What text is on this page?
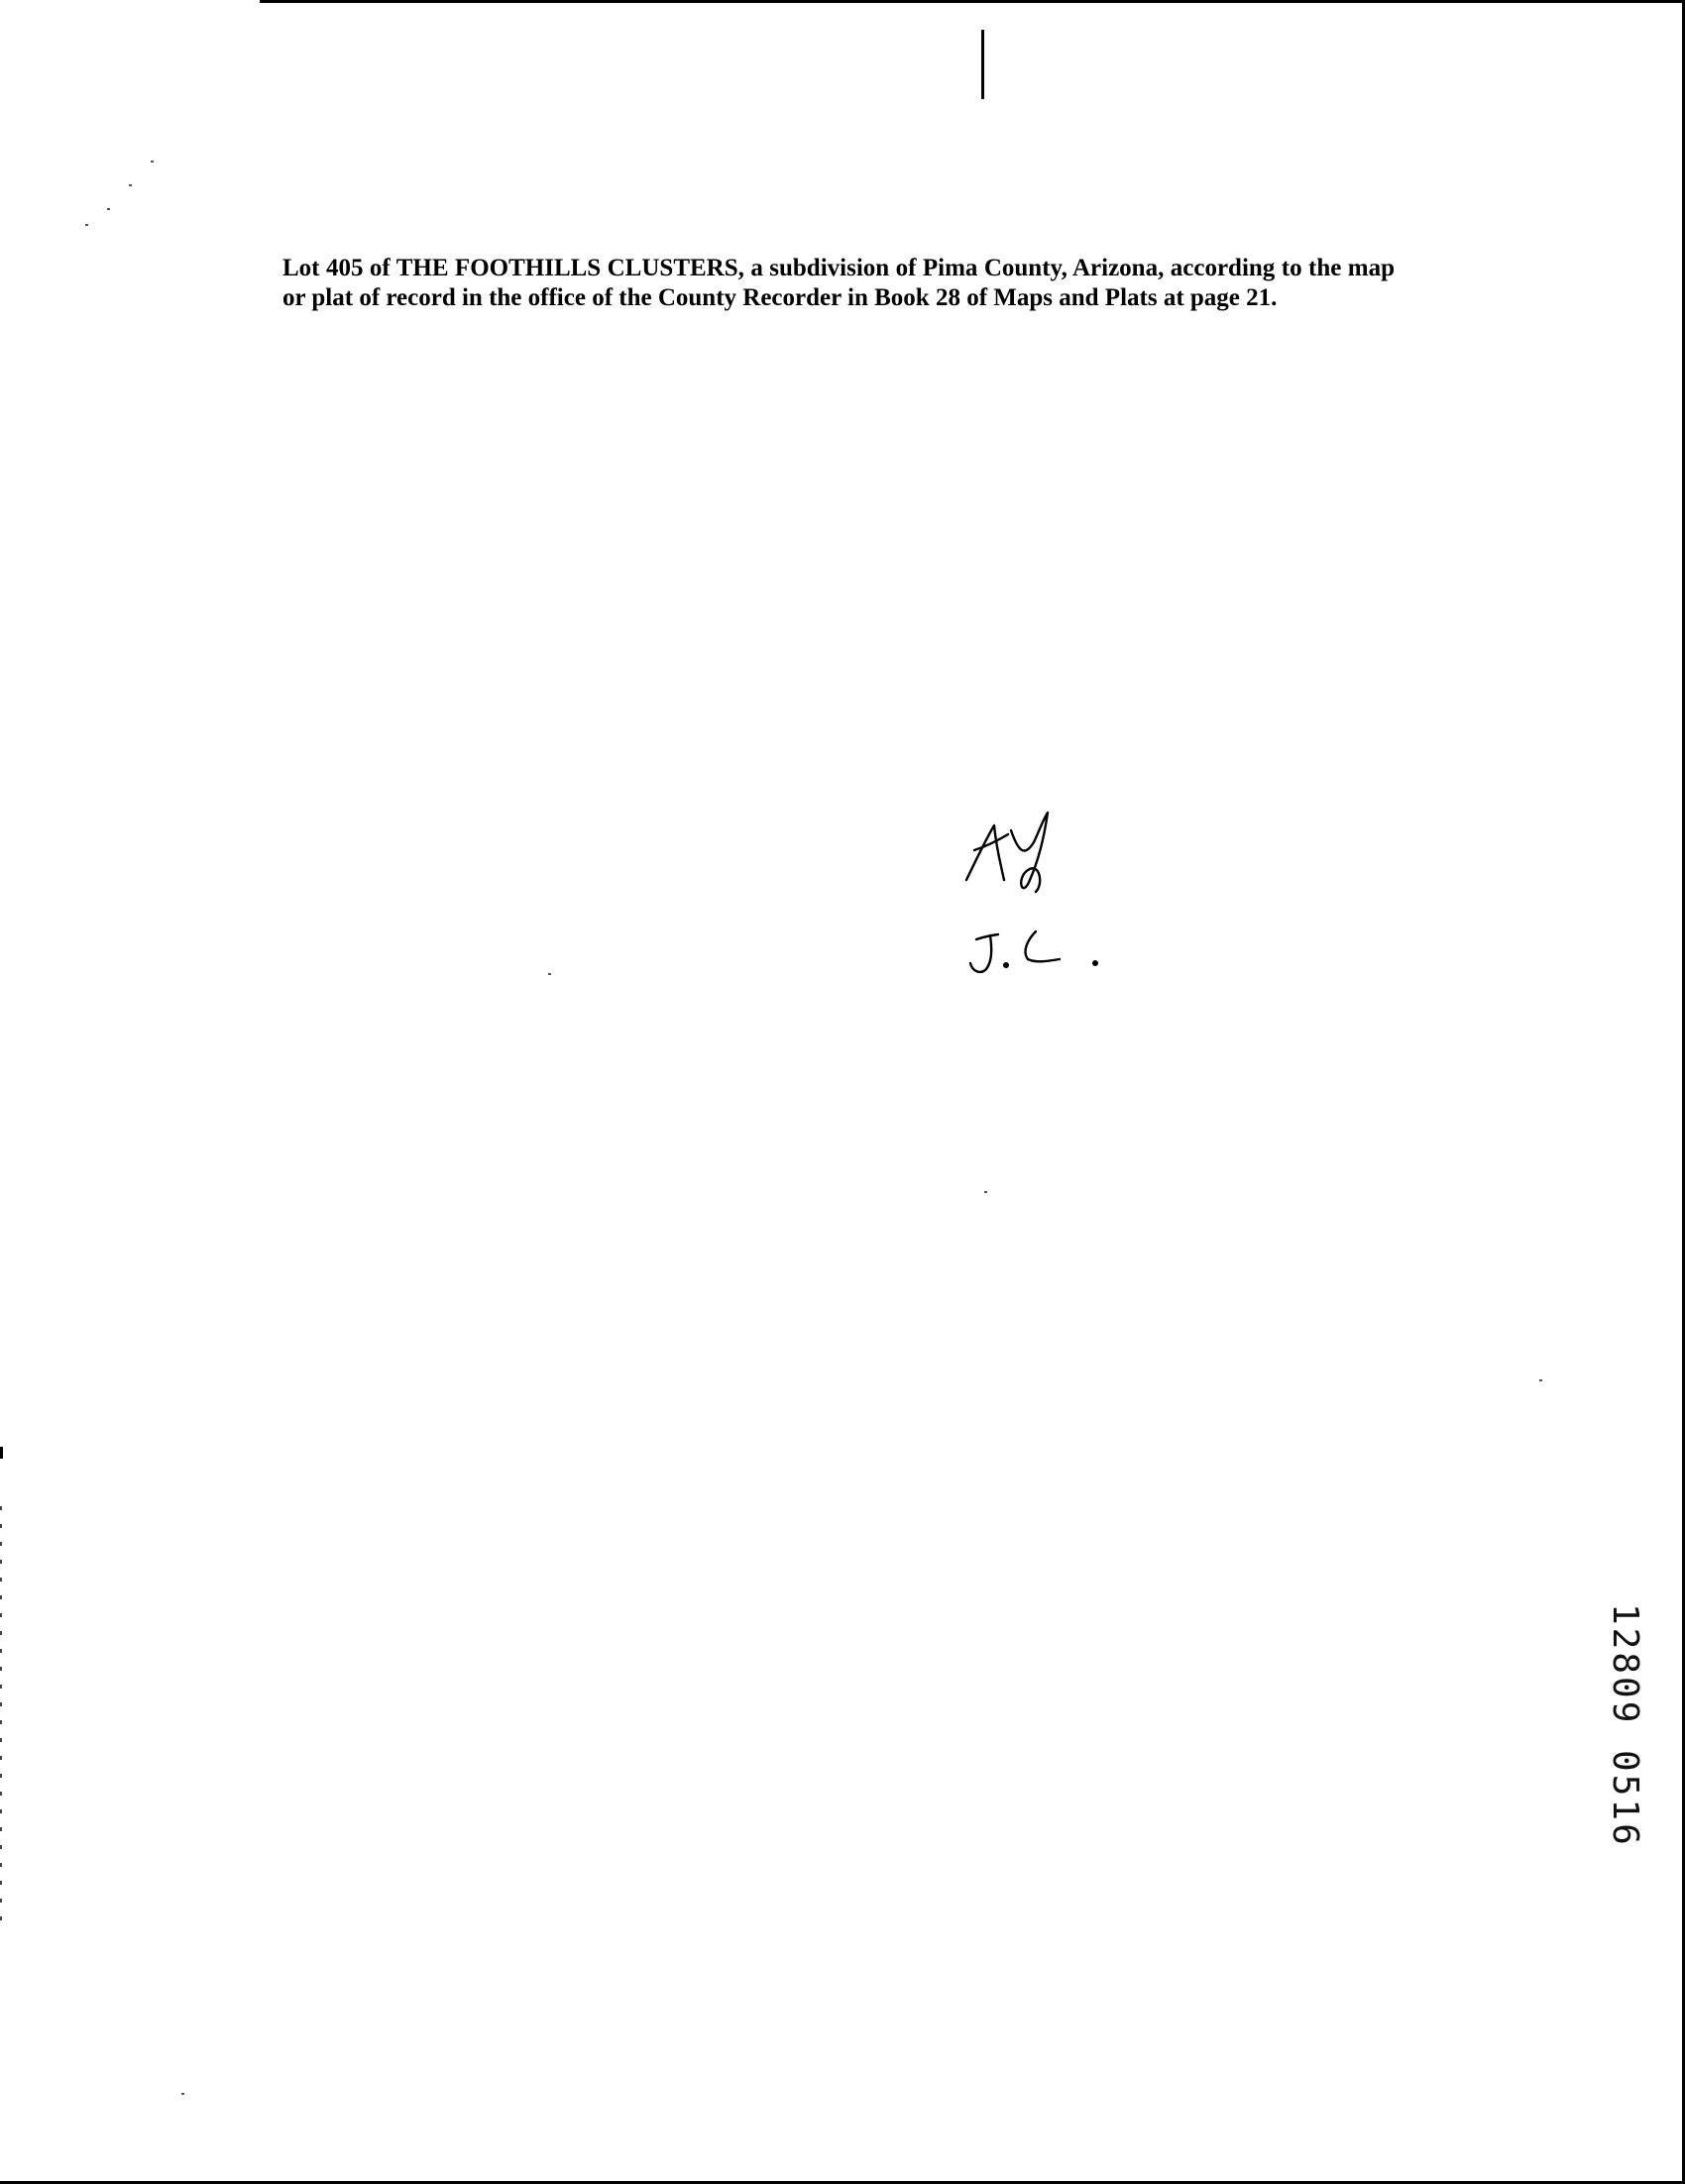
Lot 405 of THE FOOTHILLS CLUSTERS, a subdivision of Pima County, Arizona, according to the map or plat of record in the office of the County Recorder in Book 28 of Maps and Plats at page 21.

12809 0516
